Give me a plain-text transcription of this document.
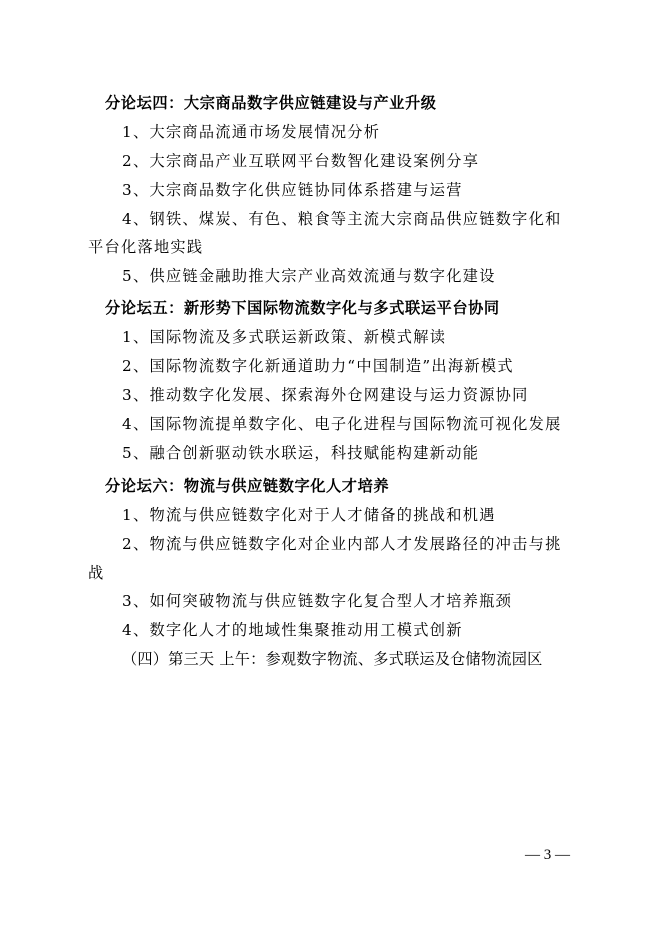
分论坛四：大宗商品数字供应链建设与产业升级
1、大宗商品流通市场发展情况分析
2、大宗商品产业互联网平台数智化建设案例分享
3、大宗商品数字化供应链协同体系搭建与运营
4、钢铁、煤炭、有色、粮食等主流大宗商品供应链数字化和
平台化落地实践
5、供应链金融助推大宗产业高效流通与数字化建设
分论坛五：新形势下国际物流数字化与多式联运平台协同
1、国际物流及多式联运新政策、新模式解读
2、国际物流数字化新通道助力“中国制造”出海新模式
3、推动数字化发展、探索海外仓网建设与运力资源协同
4、国际物流提单数字化、电子化进程与国际物流可视化发展
5、融合创新驱动铁水联运，科技赋能构建新动能
分论坛六：物流与供应链数字化人才培养
1、物流与供应链数字化对于人才储备的挑战和机遇
2、物流与供应链数字化对企业内部人才发展路径的冲击与挑
战
3、如何突破物流与供应链数字化复合型人才培养瓶颈
4、数字化人才的地域性集聚推动用工模式创新
（四）第三天 上午：参观数字物流、多式联运及仓储物流园区
— 3 —
